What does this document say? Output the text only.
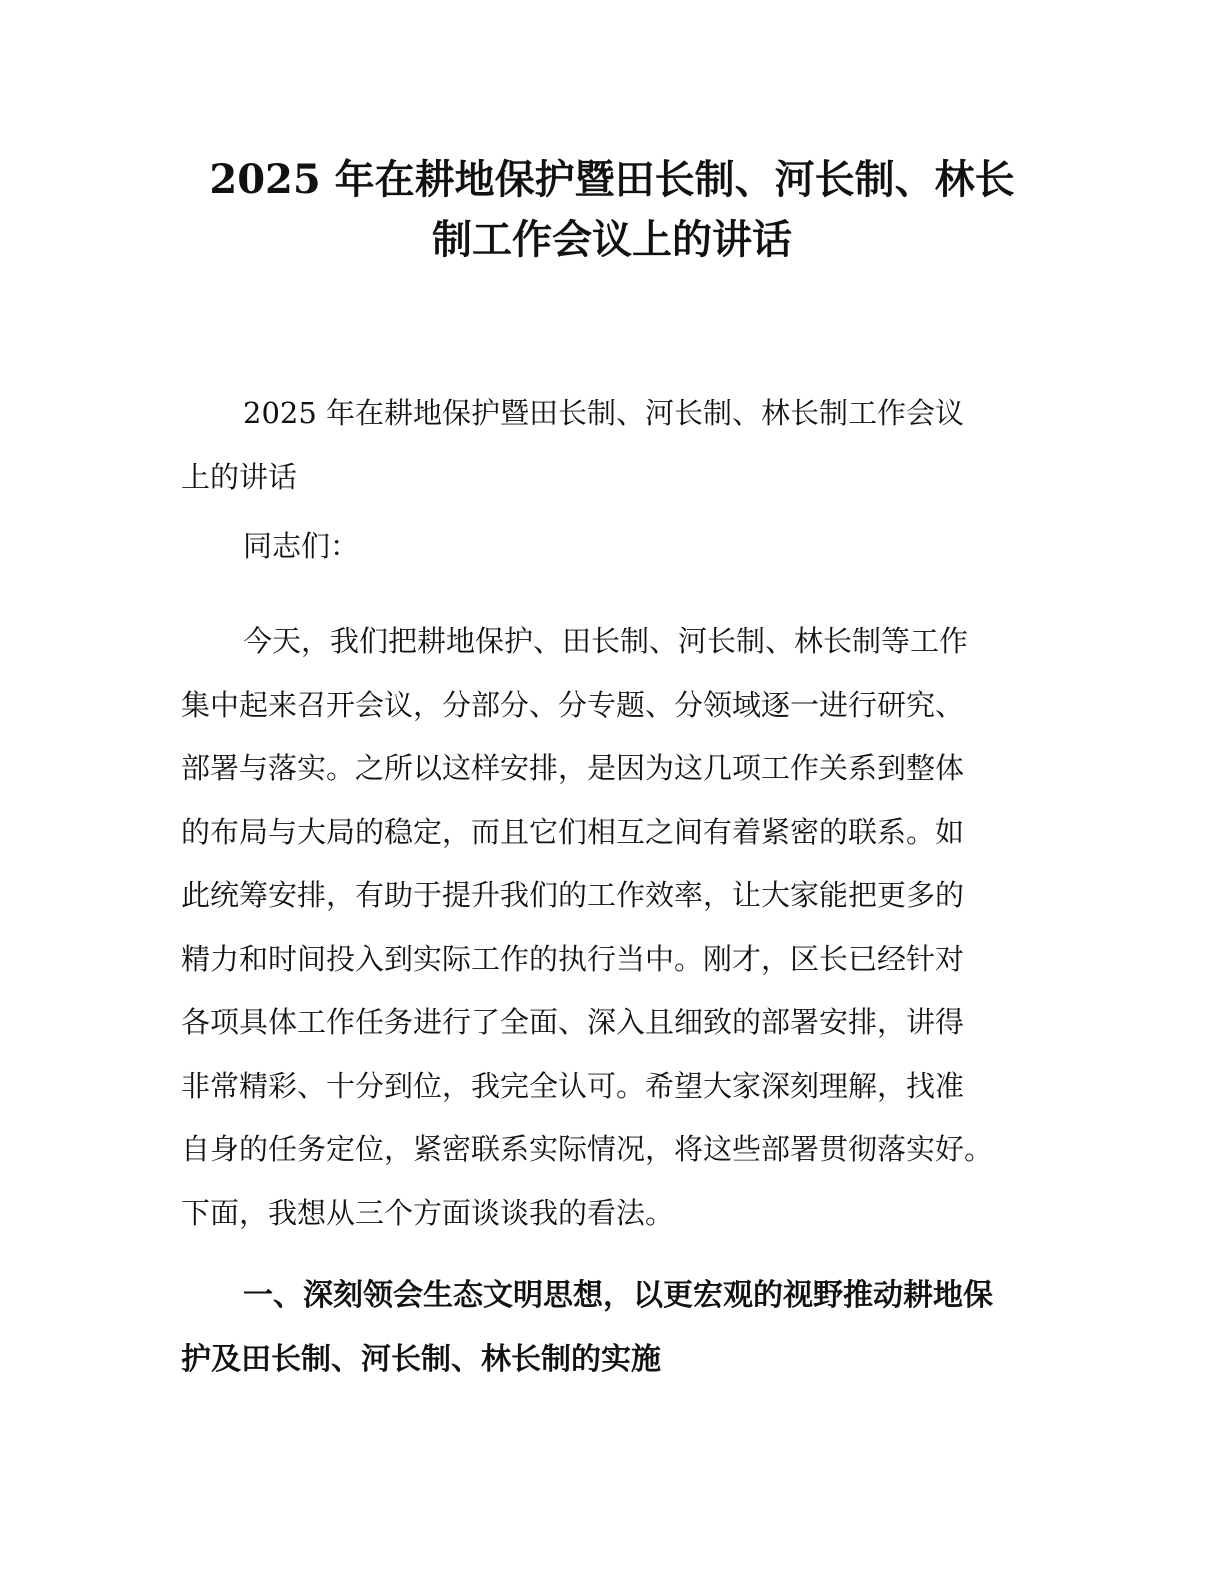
2025 年在耕地保护暨田长制、河长制、林长
制工作会议上的讲话

2025 年在耕地保护暨田长制、河长制、林长制工作会议
上的讲话

同志们：

今天，我们把耕地保护、田长制、河长制、林长制等工作
集中起来召开会议，分部分、分专题、分领域逐一进行研究、
部署与落实。之所以这样安排，是因为这几项工作关系到整体
的布局与大局的稳定，而且它们相互之间有着紧密的联系。如
此统筹安排，有助于提升我们的工作效率，让大家能把更多的
精力和时间投入到实际工作的执行当中。刚才，区长已经针对
各项具体工作任务进行了全面、深入且细致的部署安排，讲得
非常精彩、十分到位，我完全认可。希望大家深刻理解，找准
自身的任务定位，紧密联系实际情况，将这些部署贯彻落实好。
下面，我想从三个方面谈谈我的看法。

一、深刻领会生态文明思想，以更宏观的视野推动耕地保
护及田长制、河长制、林长制的实施
